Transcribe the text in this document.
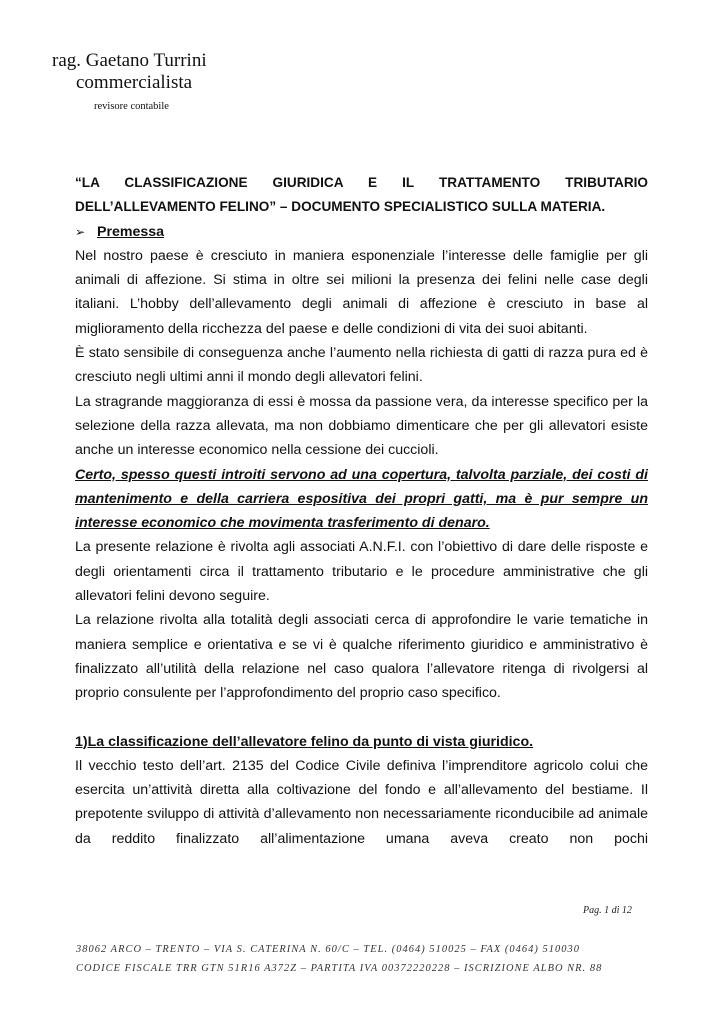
rag. Gaetano Turrini
commercialista
revisore contabile

“LA CLASSIFICAZIONE GIURIDICA E IL TRATTAMENTO TRIBUTARIO DELL’ALLEVAMENTO FELINO” – DOCUMENTO SPECIALISTICO SULLA MATERIA.

➢ Premessa

Nel nostro paese è cresciuto in maniera esponenziale l’interesse delle famiglie per gli animali di affezione. Si stima in oltre sei milioni la presenza dei felini nelle case degli italiani. L’hobby dell’allevamento degli animali di affezione è cresciuto in base al miglioramento della ricchezza del paese e delle condizioni di vita dei suoi abitanti.

È stato sensibile di conseguenza anche l’aumento nella richiesta di gatti di razza pura ed è cresciuto negli ultimi anni il mondo degli allevatori felini.

La stragrande maggioranza di essi è mossa da passione vera, da interesse specifico per la selezione della razza allevata, ma non dobbiamo dimenticare che per gli allevatori esiste anche un interesse economico nella cessione dei cuccioli.

Certo, spesso questi introiti servono ad una copertura, talvolta parziale, dei costi di mantenimento e della carriera espositiva dei propri gatti, ma è pur sempre un interesse economico che movimenta trasferimento di denaro.

La presente relazione è rivolta agli associati A.N.F.I. con l’obiettivo di dare delle risposte e degli orientamenti circa il trattamento tributario e le procedure amministrative che gli allevatori felini devono seguire.

La relazione rivolta alla totalità degli associati cerca di approfondire le varie tematiche in maniera semplice e orientativa e se vi è qualche riferimento giuridico e amministrativo è finalizzato all’utilità della relazione nel caso qualora l’allevatore ritenga di rivolgersi al proprio consulente per l’approfondimento del proprio caso specifico.

1)La classificazione dell’allevatore felino da punto di vista giuridico.

Il vecchio testo dell’art. 2135 del Codice Civile definiva l’imprenditore agricolo colui che esercita un’attività diretta alla coltivazione del fondo e all’allevamento del bestiame. Il prepotente sviluppo di attività d’allevamento non necessariamente riconducibile ad animale da reddito finalizzato all’alimentazione umana aveva creato non pochi

Pag. 1 di 12
38062 ARCO – TRENTO – VIA S. CATERINA N. 60/C – TEL. (0464) 510025 – FAX (0464) 510030
CODICE FISCALE TRR GTN 51R16 A372Z – PARTITA IVA 00372220228 – ISCRIZIONE ALBO NR. 88
